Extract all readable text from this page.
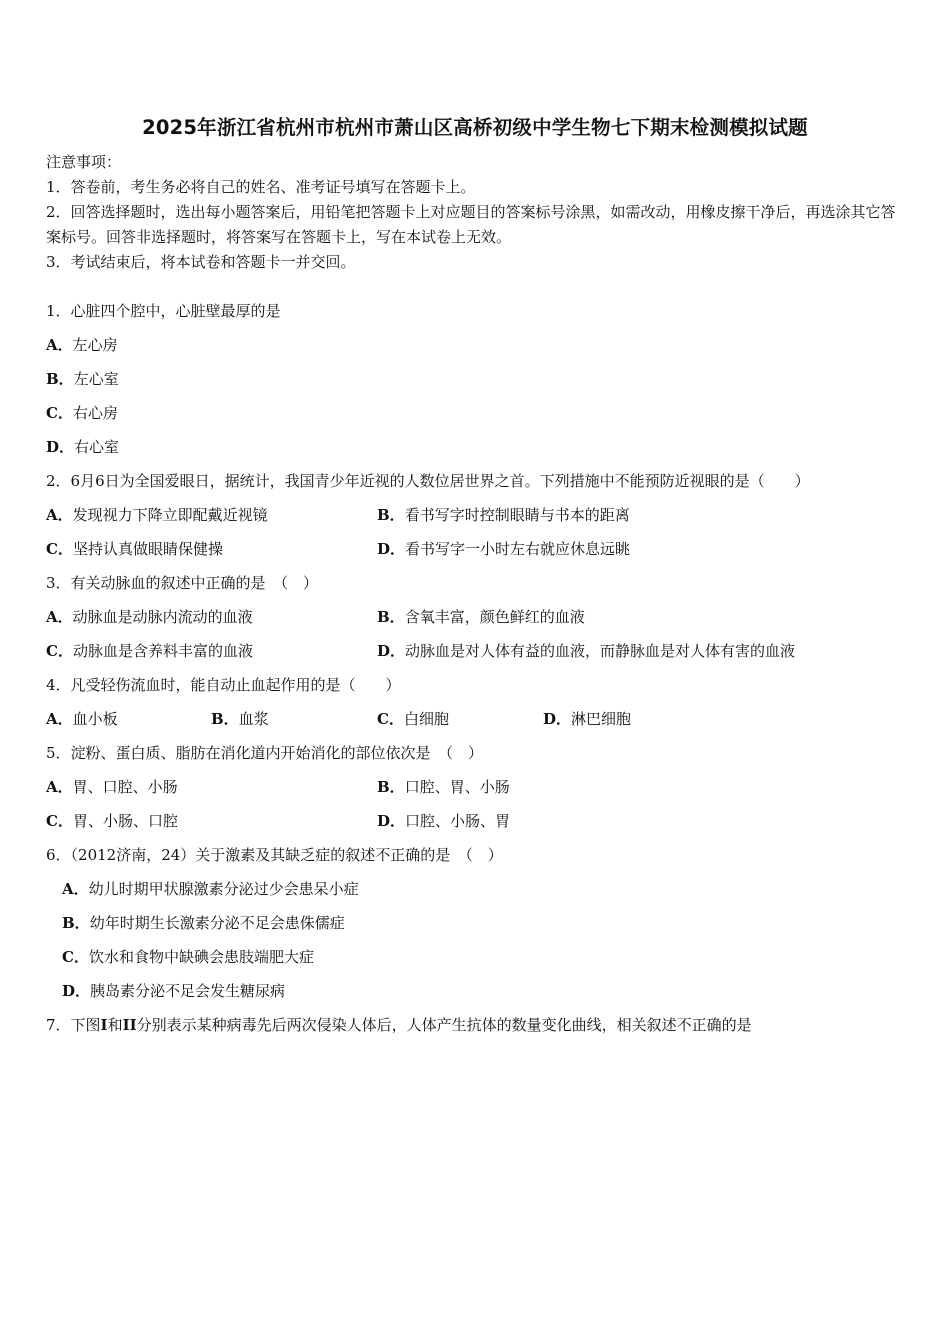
2025年浙江省杭州市杭州市萧山区高桥初级中学生物七下期末检测模拟试题
注意事项：
1．答卷前，考生务必将自己的姓名、准考证号填写在答题卡上。
2．回答选择题时，选出每小题答案后，用铅笔把答题卡上对应题目的答案标号涂黑，如需改动，用橡皮擦干净后，再选涂其它答案标号。回答非选择题时，将答案写在答题卡上，写在本试卷上无效。
3．考试结束后，将本试卷和答题卡一并交回。
1．心脏四个腔中，心脏壁最厚的是
A．左心房
B．左心室
C．右心房
D．右心室
2．6月6日为全国爱眼日，据统计，我国青少年近视的人数位居世界之首。下列措施中不能预防近视眼的是（　　）
A．发现视力下降立即配戴近视镜	B．看书写字时控制眼睛与书本的距离
C．坚持认真做眼睛保健操	D．看书写字一小时左右就应休息远眺
3．有关动脉血的叙述中正确的是　（　）
A．动脉血是动脉内流动的血液	B．含氧丰富，颜色鲜红的血液
C．动脉血是含养料丰富的血液	D．动脉血是对人体有益的血液，而静脉血是对人体有害的血液
4．凡受轻伤流血时，能自动止血起作用的是（　　）
A．血小板	B．血浆	C．白细胞	D．淋巴细胞
5．淀粉、蛋白质、脂肪在消化道内开始消化的部位依次是　（　）
A．胃、口腔、小肠	B．口腔、胃、小肠
C．胃、小肠、口腔	D．口腔、小肠、胃
6．（2012济南，24）关于激素及其缺乏症的叙述不正确的是　（　）
A．幼儿时期甲状腺激素分泌过少会患呆小症
B．幼年时期生长激素分泌不足会患侏儒症
C．饮水和食物中缺碘会患肢端肥大症
D．胰岛素分泌不足会发生糖尿病
7．下图I和II分别表示某种病毒先后两次侵染人体后，人体产生抗体的数量变化曲线，相关叙述不正确的是
